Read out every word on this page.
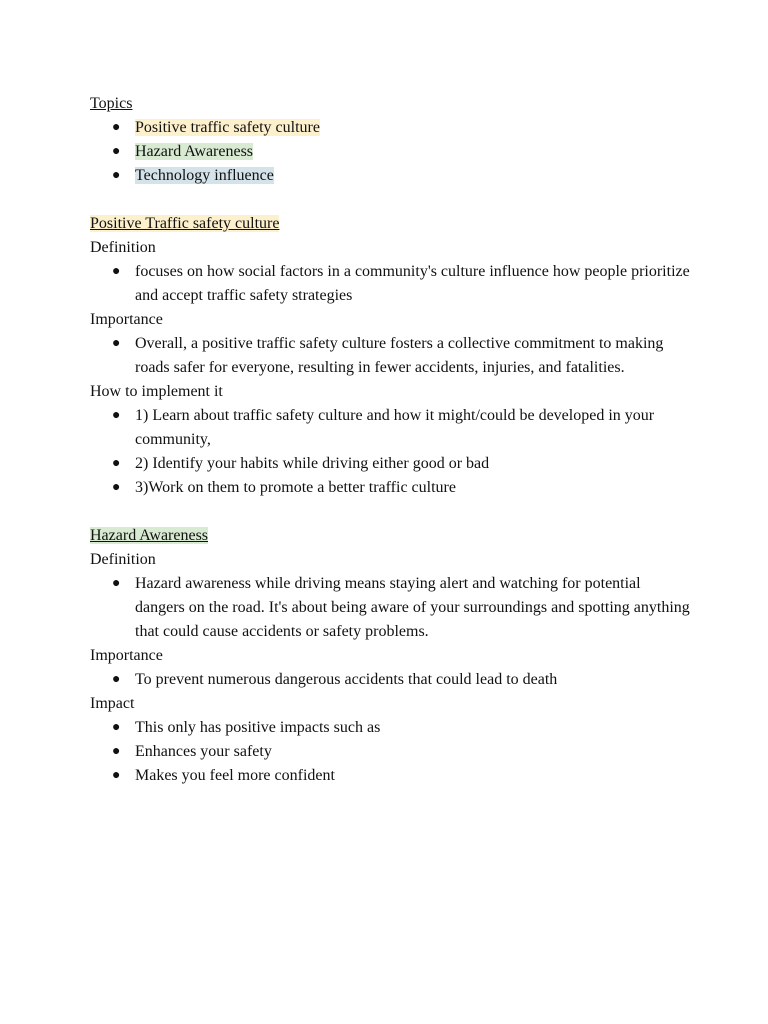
Topics
● Positive traffic safety culture
● Hazard Awareness
● Technology influence
Positive Traffic safety culture
Definition
● focuses on how social factors in a community's culture influence how people prioritize and accept traffic safety strategies
Importance
● Overall, a positive traffic safety culture fosters a collective commitment to making roads safer for everyone, resulting in fewer accidents, injuries, and fatalities.
How to implement it
● 1) Learn about traffic safety culture and how it might/could be developed in your community,
● 2) Identify your habits while driving either good or bad
● 3)Work on them to promote a better traffic culture
Hazard Awareness
Definition
● Hazard awareness while driving means staying alert and watching for potential dangers on the road. It's about being aware of your surroundings and spotting anything that could cause accidents or safety problems.
Importance
● To prevent numerous dangerous accidents that could lead to death
Impact
● This only has positive impacts such as
● Enhances your safety
● Makes you feel more confident
